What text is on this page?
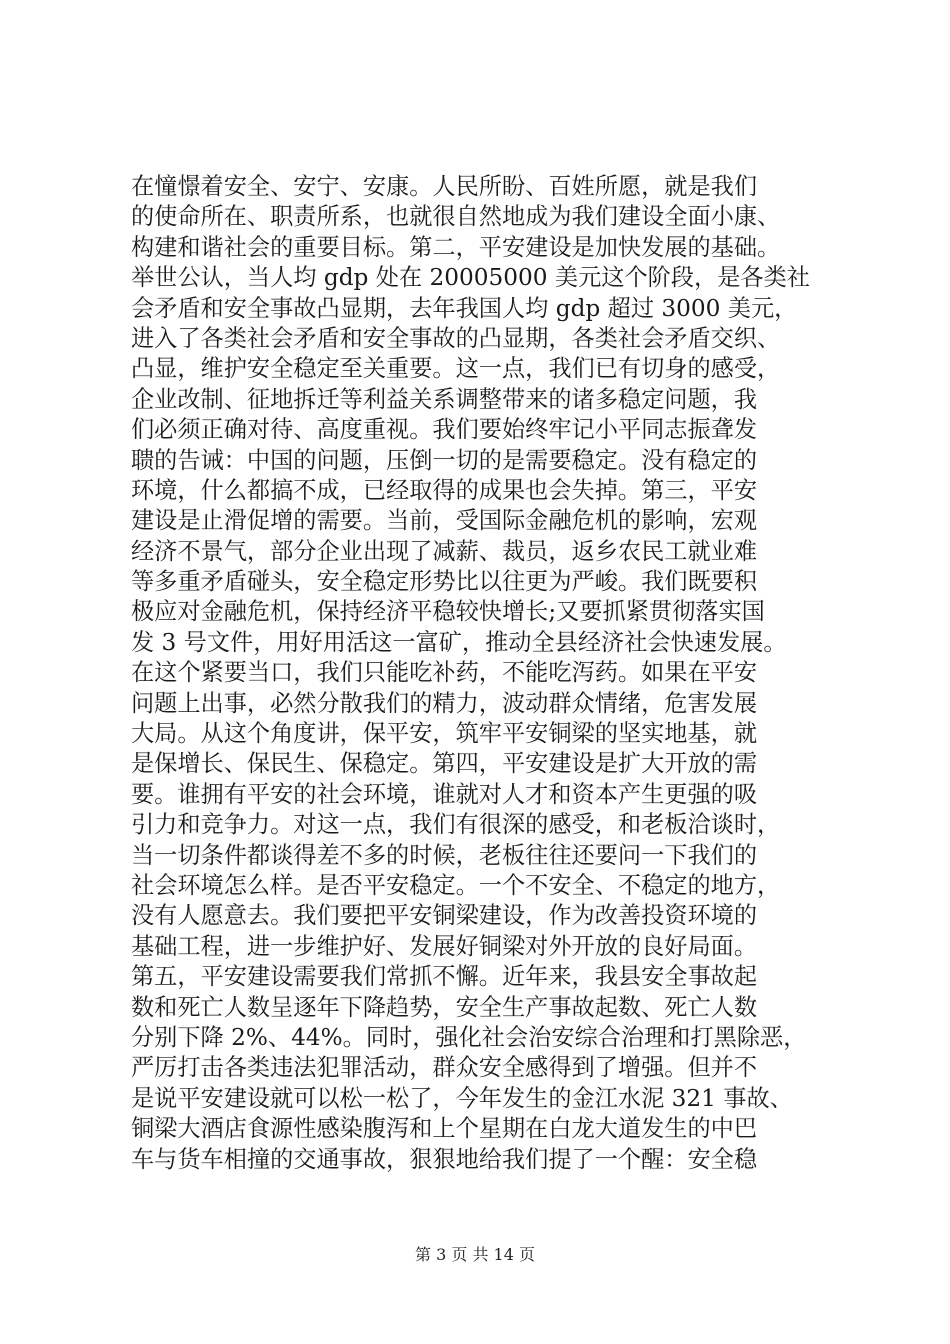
在憧憬着安全、安宁、安康。人民所盼、百姓所愿，就是我们
的使命所在、职责所系，也就很自然地成为我们建设全面小康、
构建和谐社会的重要目标。第二，平安建设是加快发展的基础。
举世公认，当人均 gdp 处在 20005000 美元这个阶段，是各类社
会矛盾和安全事故凸显期，去年我国人均 gdp 超过 3000 美元，
进入了各类社会矛盾和安全事故的凸显期，各类社会矛盾交织、
凸显，维护安全稳定至关重要。这一点，我们已有切身的感受，
企业改制、征地拆迁等利益关系调整带来的诸多稳定问题，我
们必须正确对待、高度重视。我们要始终牢记小平同志振聋发
聩的告诫：中国的问题，压倒一切的是需要稳定。没有稳定的
环境，什么都搞不成，已经取得的成果也会失掉。第三，平安
建设是止滑促增的需要。当前，受国际金融危机的影响，宏观
经济不景气，部分企业出现了减薪、裁员，返乡农民工就业难
等多重矛盾碰头，安全稳定形势比以往更为严峻。我们既要积
极应对金融危机，保持经济平稳较快增长;又要抓紧贯彻落实国
发 3 号文件，用好用活这一富矿，推动全县经济社会快速发展。
在这个紧要当口，我们只能吃补药，不能吃泻药。如果在平安
问题上出事，必然分散我们的精力，波动群众情绪，危害发展
大局。从这个角度讲，保平安，筑牢平安铜梁的坚实地基，就
是保增长、保民生、保稳定。第四，平安建设是扩大开放的需
要。谁拥有平安的社会环境，谁就对人才和资本产生更强的吸
引力和竞争力。对这一点，我们有很深的感受，和老板洽谈时，
当一切条件都谈得差不多的时候，老板往往还要问一下我们的
社会环境怎么样。是否平安稳定。一个不安全、不稳定的地方，
没有人愿意去。我们要把平安铜梁建设，作为改善投资环境的
基础工程，进一步维护好、发展好铜梁对外开放的良好局面。
第五，平安建设需要我们常抓不懈。近年来，我县安全事故起
数和死亡人数呈逐年下降趋势，安全生产事故起数、死亡人数
分别下降 2%、44%。同时，强化社会治安综合治理和打黑除恶，
严厉打击各类违法犯罪活动，群众安全感得到了增强。但并不
是说平安建设就可以松一松了，今年发生的金江水泥 321 事故、
铜梁大酒店食源性感染腹泻和上个星期在白龙大道发生的中巴
车与货车相撞的交通事故，狠狠地给我们提了一个醒：安全稳
第 3 页 共 14 页
